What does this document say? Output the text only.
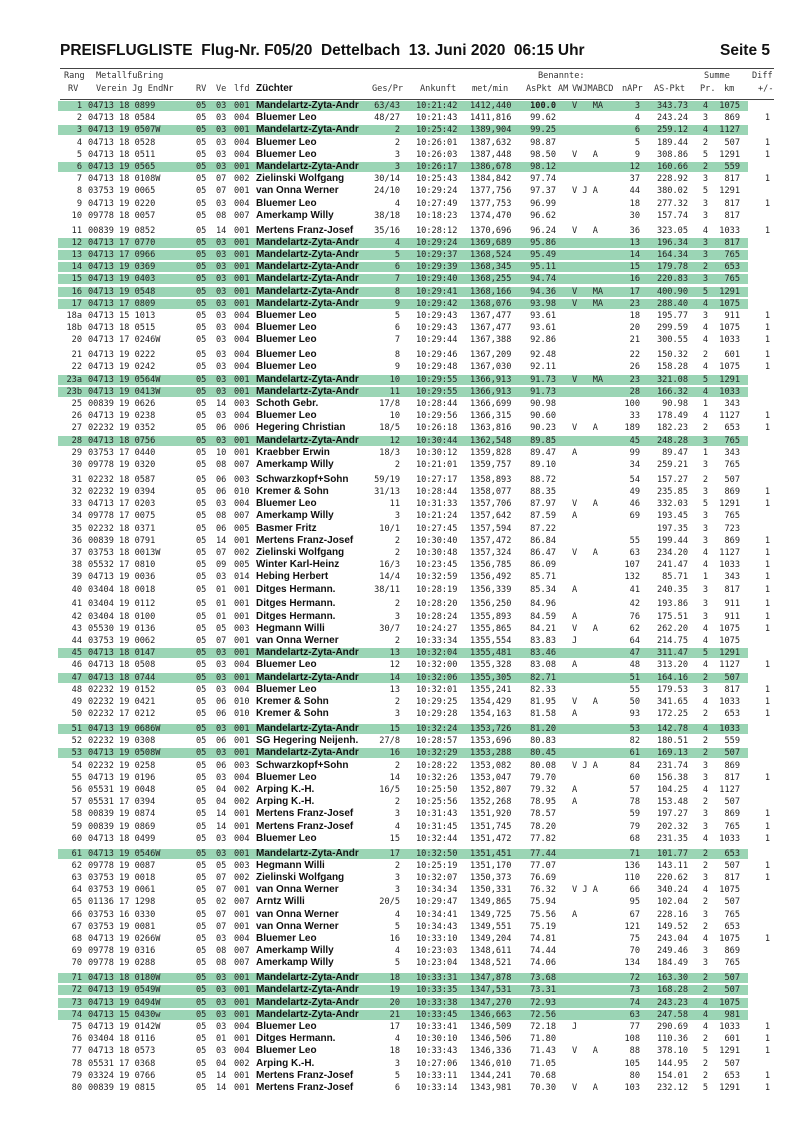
PREISFLUGLISTE  Flug-Nr. F05/20  Dettelbach  13. Juni 2020  06:15 Uhr	Seite 5
Rang Metallfußring	Benannte:	Summe	Diff
RV Verein Jg EndNr	RV Ve lfd Züchter	Ges/Pr Ankunft met/min AsPkt AM VWJMABCD nAPr AS-Pkt Pr. km	+/-
1 04713 18 0899	05 03 001 Mandelartz-Zyta-Andr	63/43 10:21:42 1412,440	100.0 V   MA	3	343.73	4	1075
2 04713 18 0584	05 03 004 Bluemer Leo	48/27 10:21:43 1411,816	99.62	4	243.24	3	869	1
3 04713 19 0507W	05 03 001 Mandelartz-Zyta-Andr	2 10:25:42 1389,904	99.25	6	259.12	4	1127
4 04713 18 0528	05 03 004 Bluemer Leo	2 10:26:01 1387,632	98.87	5	189.44	2	507	1
5 04713 18 0511	05 03 004 Bluemer Leo	3 10:26:03 1387,448	98.50 V   A	9	308.86	5	1291	1
6 04713 19 0565	05 03 001 Mandelartz-Zyta-Andr	3 10:26:17 1386,678	98.12	12	160.66	2	559
7 04713 18 0108W	05 07 002 Zielinski Wolfgang	30/14 10:25:43 1384,842	97.74	37	228.92	3	817	1
8 03753 19 0065	05 07 001 van Onna Werner	24/10 10:29:24 1377,756	97.37 V J A	44	380.02	5	1291
9 04713 19 0220	05 03 004 Bluemer Leo	4 10:27:49 1377,753	96.99	18	277.32	3	817	1
10 09778 18 0057	05 08 007 Amerkamp Willy	38/18 10:18:23 1374,470	96.62	30	157.74	3	817
11 00839 19 0852	05 14 001 Mertens Franz-Josef	35/16 10:28:12 1370,696	96.24 V   A	36	323.05	4	1033	1
12 04713 17 0770	05 03 001 Mandelartz-Zyta-Andr	4 10:29:24 1369,689	95.86	13	196.34	3	817
13 04713 17 0966	05 03 001 Mandelartz-Zyta-Andr	5 10:29:37 1368,524	95.49	14	164.34	3	765
14 04713 19 0369	05 03 001 Mandelartz-Zyta-Andr	6 10:29:39 1368,345	95.11	15	179.78	2	653
15 04713 19 0403	05 03 001 Mandelartz-Zyta-Andr	7 10:29:40 1368,255	94.74	16	220.83	3	765
16 04713 19 0548	05 03 001 Mandelartz-Zyta-Andr	8 10:29:41 1368,166	94.36 V   MA	17	400.90	5	1291
17 04713 17 0809	05 03 001 Mandelartz-Zyta-Andr	9 10:29:42 1368,076	93.98 V   MA	23	288.40	4	1075
18a 04713 15 1013	05 03 004 Bluemer Leo	5 10:29:43 1367,477	93.61	18	195.77	3	911	1
18b 04713 18 0515	05 03 004 Bluemer Leo	6 10:29:43 1367,477	93.61	20	299.59	4	1075	1
20 04713 17 0246W	05 03 004 Bluemer Leo	7 10:29:44 1367,388	92.86	21	300.55	4	1033	1
21 04713 19 0222	05 03 004 Bluemer Leo	8 10:29:46 1367,209	92.48	22	150.32	2	601	1
22 04713 19 0242	05 03 004 Bluemer Leo	9 10:29:48 1367,030	92.11	26	158.28	4	1075	1
23a 04713 19 0564W	05 03 001 Mandelartz-Zyta-Andr	10 10:29:55 1366,913	91.73 V   MA	23	321.08	5	1291
23b 04713 19 0413W	05 03 001 Mandelartz-Zyta-Andr	11 10:29:55 1366,913	91.73	28	166.32	4	1033
25 00839 19 0626	05 14 003 Schoth Gebr.	17/8 10:28:44 1366,699	90.98	100	90.98	1	343
26 04713 19 0238	05 03 004 Bluemer Leo	10 10:29:56 1366,315	90.60	33	178.49	4	1127	1
27 02232 19 0352	05 06 006 Hegering Christian	18/5 10:26:18 1363,816	90.23 V   A	189	182.23	2	653	1
28 04713 18 0756	05 03 001 Mandelartz-Zyta-Andr	12 10:30:44 1362,548	89.85	45	248.28	3	765
29 03753 17 0440	05 10 001 Kraebber Erwin	18/3 10:30:12 1359,828	89.47 A	99	89.47	1	343
30 09778 19 0320	05 08 007 Amerkamp Willy	2 10:21:01 1359,757	89.10	34	259.21	3	765
31 02232 18 0587	05 06 003 Schwarzkopf+Sohn	59/19 10:27:17 1358,893	88.72	54	157.27	2	507
32 02232 19 0394	05 06 010 Kremer & Sohn	31/13 10:28:44 1358,077	88.35	49	235.85	3	869	1
33 04713 17 0203	05 03 004 Bluemer Leo	11 10:31:33 1357,706	87.97 V   A	46	332.03	5	1291	1
34 09778 17 0075	05 08 007 Amerkamp Willy	3 10:21:24 1357,642	87.59 A	69	193.45	3	765
35 02232 18 0371	05 06 005 Basmer Fritz	10/1 10:27:45 1357,594	87.22	197.35	3	723
36 00839 18 0791	05 14 001 Mertens Franz-Josef	2 10:30:40 1357,472	86.84	55	199.44	3	869	1
37 03753 18 0013W	05 07 002 Zielinski Wolfgang	2 10:30:48 1357,324	86.47 V   A	63	234.20	4	1127	1
38 05532 17 0810	05 09 005 Winter Karl-Heinz	16/3 10:23:45 1356,785	86.09	107	241.47	4	1033	1
39 04713 19 0036	05 03 014 Hebing Herbert	14/4 10:32:59 1356,492	85.71	132	85.71	1	343	1
40 03404 18 0018	05 01 001 Ditges Hermann.	38/11 10:28:19 1356,339	85.34 A	41	240.35	3	817	1
41 03404 19 0112	05 01 001 Ditges Hermann.	2 10:28:20 1356,250	84.96	42	193.86	3	911	1
42 03404 18 0100	05 01 001 Ditges Hermann.	3 10:28:24 1355,893	84.59 A	76	175.51	3	911	1
43 05530 19 0136	05 05 003 Hegmann Willi	30/7 10:24:27 1355,865	84.21 V   A	62	262.20	4	1075	1
44 03753 19 0062	05 07 001 van Onna Werner	2 10:33:34 1355,554	83.83 J	64	214.75	4	1075
45 04713 18 0147	05 03 001 Mandelartz-Zyta-Andr	13 10:32:04 1355,481	83.46	47	311.47	5	1291
46 04713 18 0508	05 03 004 Bluemer Leo	12 10:32:00 1355,328	83.08 A	48	313.20	4	1127	1
47 04713 18 0744	05 03 001 Mandelartz-Zyta-Andr	14 10:32:06 1355,305	82.71	51	164.16	2	507
48 02232 19 0152	05 03 004 Bluemer Leo	13 10:32:01 1355,241	82.33	55	179.53	3	817	1
49 02232 19 0421	05 06 010 Kremer & Sohn	2 10:29:25 1354,429	81.95 V   A	50	341.65	4	1033	1
50 02232 17 0212	05 06 010 Kremer & Sohn	3 10:29:28 1354,163	81.58 A	93	172.25	2	653	1
51 04713 19 0686W	05 03 001 Mandelartz-Zyta-Andr	15 10:32:24 1353,726	81.20	53	142.78	4	1033
52 02232 19 0308	05 06 001 SG Hegering Neijenh.	27/8 10:28:57 1353,696	80.83	82	180.51	2	559
53 04713 19 0508W	05 03 001 Mandelartz-Zyta-Andr	16 10:32:29 1353,288	80.45	61	169.13	2	507
54 02232 19 0258	05 06 003 Schwarzkopf+Sohn	2 10:28:22 1353,082	80.08 V J A	84	231.74	3	869
55 04713 19 0196	05 03 004 Bluemer Leo	14 10:32:26 1353,047	79.70	60	156.38	3	817	1
56 05531 19 0048	05 04 002 Arping K.-H.	16/5 10:25:50 1352,807	79.32 A	57	104.25	4	1127
57 05531 17 0394	05 04 002 Arping K.-H.	2 10:25:56 1352,268	78.95 A	78	153.48	2	507
58 00839 19 0874	05 14 001 Mertens Franz-Josef	3 10:31:43 1351,920	78.57	59	197.27	3	869	1
59 00839 19 0869	05 14 001 Mertens Franz-Josef	4 10:31:45 1351,745	78.20	79	202.32	3	765	1
60 04713 18 0499	05 03 004 Bluemer Leo	15 10:32:44 1351,472	77.82	68	231.35	4	1033	1
61 04713 19 0546W	05 03 001 Mandelartz-Zyta-Andr	17 10:32:50 1351,451	77.44	71	101.77	2	653
62 09778 19 0087	05 05 003 Hegmann Willi	2 10:25:19 1351,170	77.07	136	143.11	2	507	1
63 03753 19 0018	05 07 002 Zielinski Wolfgang	3 10:32:07 1350,373	76.69	110	220.62	3	817	1
64 03753 19 0061	05 07 001 van Onna Werner	3 10:34:34 1350,331	76.32 V J A	66	340.24	4	1075
65 01136 17 1298	05 02 007 Arntz Willi	20/5 10:29:47 1349,865	75.94	95	102.04	2	507
66 03753 16 0330	05 07 001 van Onna Werner	4 10:34:41 1349,725	75.56 A	67	228.16	3	765
67 03753 19 0081	05 07 001 van Onna Werner	5 10:34:43 1349,551	75.19	121	149.52	2	653
68 04713 19 0266W	05 03 004 Bluemer Leo	16 10:33:10 1349,204	74.81	75	243.04	4	1075	1
69 09778 19 0316	05 08 007 Amerkamp Willy	4 10:23:03 1348,611	74.44	70	249.46	3	869
70 09778 19 0288	05 08 007 Amerkamp Willy	5 10:23:04 1348,521	74.06	134	184.49	3	765
71 04713 18 0180W	05 03 001 Mandelartz-Zyta-Andr	18 10:33:31 1347,878	73.68	72	163.30	2	507
72 04713 19 0549W	05 03 001 Mandelartz-Zyta-Andr	19 10:33:35 1347,531	73.31	73	168.28	2	507
73 04713 19 0494W	05 03 001 Mandelartz-Zyta-Andr	20 10:33:38 1347,270	72.93	74	243.23	4	1075
74 04713 15 0430w	05 03 001 Mandelartz-Zyta-Andr	21 10:33:45 1346,663	72.56	63	247.58	4	981
75 04713 19 0142W	05 03 004 Bluemer Leo	17 10:33:41 1346,509	72.18 J	77	290.69	4	1033	1
76 03404 18 0116	05 01 001 Ditges Hermann.	4 10:30:10 1346,506	71.80	108	110.36	2	601	1
77 04713 18 0573	05 03 004 Bluemer Leo	18 10:33:43 1346,336	71.43 V   A	88	378.10	5	1291	1
78 05531 17 0368	05 04 002 Arping K.-H.	3 10:27:06 1346,010	71.05	105	144.95	2	507
79 03324 19 0766	05 14 001 Mertens Franz-Josef	5 10:33:11 1344,241	70.68	80	154.01	2	653	1
80 00839 19 0815	05 14 001 Mertens Franz-Josef	6 10:33:14 1343,981	70.30 V   A	103	232.12	5	1291	1
